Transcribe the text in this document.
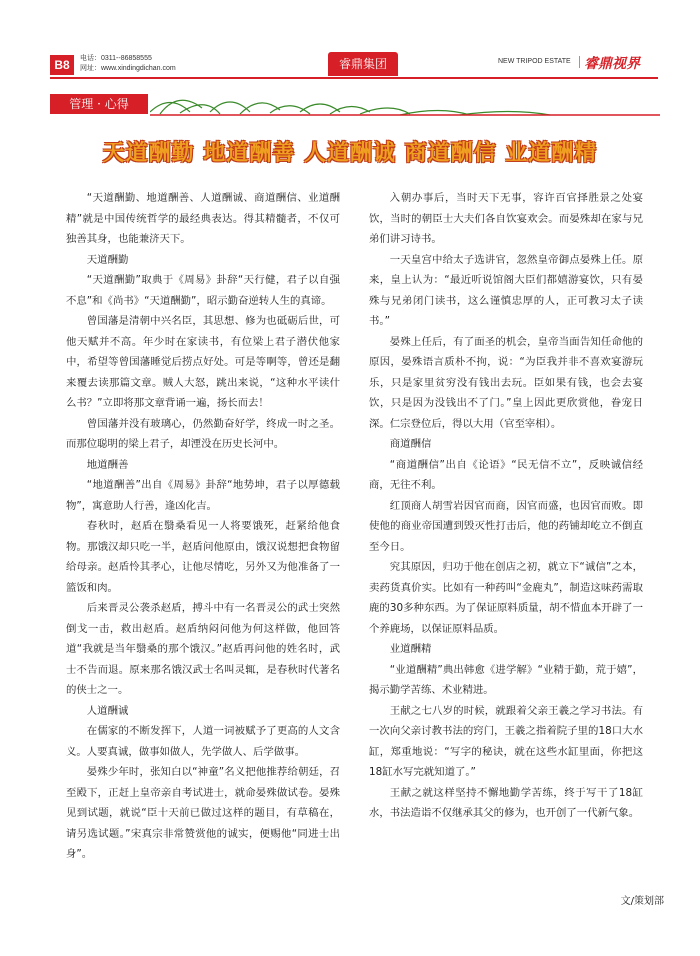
B8	电话：0311--86858555
网址：www.xindingdichan.com	睿鼎集团	NEW TRIPOD ESTATE 睿鼎视界
管理 · 心得
天道酬勤 地道酬善 人道酬诚 商道酬信 业道酬精

“天道酬勤、地道酬善、人道酬诚、商道酬信、业道酬精”就是中国传统哲学的最经典表达。得其精髓者，不仅可独善其身，也能兼济天下。

天道酬勤

“天道酬勤”取典于《周易》卦辞“天行健，君子以自强不息”和《尚书》“天道酬勤”，昭示勤奋逆转人生的真谛。

曾国藩是清朝中兴名臣，其思想、修为也砥砺后世，可他天赋并不高。年少时在家读书，有位梁上君子潜伏他家中，希望等曾国藩睡觉后捞点好处。可是等啊等，曾还是翻来覆去读那篇文章。贼人大怒，跳出来说，“这种水平读什么书？”立即将那文章背诵一遍，扬长而去！

曾国藩并没有玻璃心，仍然勤奋好学，终成一时之圣。而那位聪明的梁上君子，却湮没在历史长河中。

地道酬善

“地道酬善”出自《周易》卦辞“地势坤，君子以厚德载物”，寓意助人行善，逢凶化吉。

春秋时，赵盾在翳桑看见一人将要饿死，赶紧给他食物。那饿汉却只吃一半，赵盾问他原由，饿汉说想把食物留给母亲。赵盾怜其孝心，让他尽情吃，另外又为他准备了一篮饭和肉。

后来晋灵公袭杀赵盾，搏斗中有一名晋灵公的武士突然倒戈一击，救出赵盾。赵盾纳闷问他为何这样做，他回答道“我就是当年翳桑的那个饿汉。”赵盾再问他的姓名时，武士不告而退。原来那名饿汉武士名叫灵辄，是春秋时代著名的侠士之一。

人道酬诚

在儒家的不断发挥下，人道一词被赋予了更高的人文含义。人要真诚，做事如做人，先学做人、后学做事。

晏殊少年时，张知白以“神童”名义把他推荐给朝廷，召至殿下，正赶上皇帝亲自考试进士，就命晏殊做试卷。晏殊见到试题，就说“臣十天前已做过这样的题目，有草稿在，请另选试题。”宋真宗非常赞赏他的诚实，便赐他“同进士出身”。

入朝办事后，当时天下无事，容许百官择胜景之处宴饮，当时的朝臣士大夫们各自饮宴欢会。而晏殊却在家与兄弟们讲习诗书。

一天皇宫中给太子选讲官，忽然皇帝御点晏殊上任。原来，皇上认为：“最近听说馆阁大臣们都嬉游宴饮，只有晏殊与兄弟闭门读书，这么谨慎忠厚的人，正可教习太子读书。”

晏殊上任后，有了面圣的机会，皇帝当面告知任命他的原因，晏殊语言质朴不拘，说：“为臣我并非不喜欢宴游玩乐，只是家里贫穷没有钱出去玩。臣如果有钱，也会去宴饮，只是因为没钱出不了门。”皇上因此更欣赏他，眷宠日深。仁宗登位后，得以大用（官至宰相）。

商道酬信

“商道酬信”出自《论语》“民无信不立”，反映诚信经商，无往不利。

红顶商人胡雪岩因官而商，因官而盛，也因官而败。即使他的商业帝国遭到毁灭性打击后，他的药铺却屹立不倒直至今日。

究其原因，归功于他在创店之初，就立下“诚信”之本，卖药货真价实。比如有一种药叫“金鹿丸”，制造这味药需取鹿的30多种东西。为了保证原料质量，胡不惜血本开辟了一个养鹿场，以保证原料品质。

业道酬精

“业道酬精”典出韩愈《进学解》“业精于勤，荒于嬉”，揭示勤学苦练、术业精进。

王献之七八岁的时候，就跟着父亲王羲之学习书法。有一次向父亲讨教书法的窍门，王羲之指着院子里的18口大水缸，郑重地说：“写字的秘诀，就在这些水缸里面，你把这18缸水写完就知道了。”

王献之就这样坚持不懈地勤学苦练，终于写干了18缸水，书法造诣不仅继承其父的修为，也开创了一代新气象。

文/策划部
